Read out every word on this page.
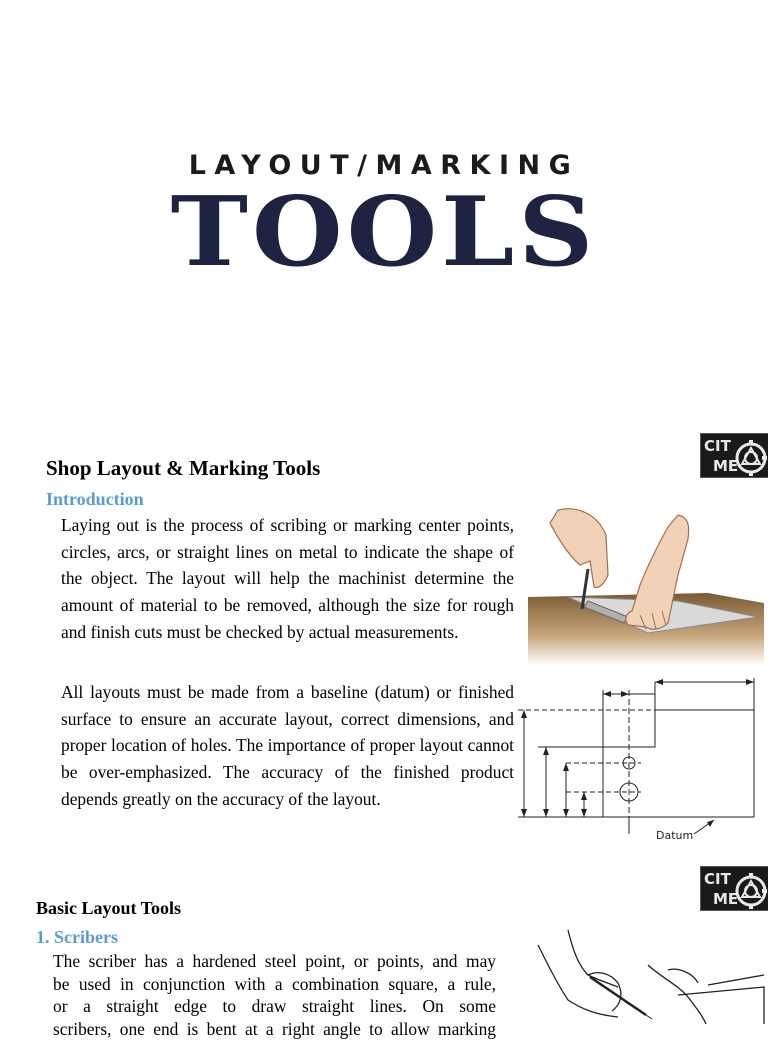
LAYOUT/MARKING
TOOLS
CIT
ME
Shop Layout & Marking Tools
Introduction
Laying out is the process of scribing or marking center points, circles, arcs, or straight lines on metal to indicate the shape of the object. The layout will help the machinist determine the amount of material to be removed, although the size for rough and finish cuts must be checked by actual measurements.
All layouts must be made from a baseline (datum) or finished surface to ensure an accurate layout, correct dimensions, and proper location of holes. The importance of proper layout cannot be over-emphasized. The accuracy of the finished product depends greatly on the accuracy of the layout.
Datum
CIT
ME
Basic Layout Tools
1. Scribers
The scriber has a hardened steel point, or points, and may
be used in conjunction with a combination square, a rule,
or a straight edge to draw straight lines. On some
scribers, one end is bent at a right angle to allow marking
